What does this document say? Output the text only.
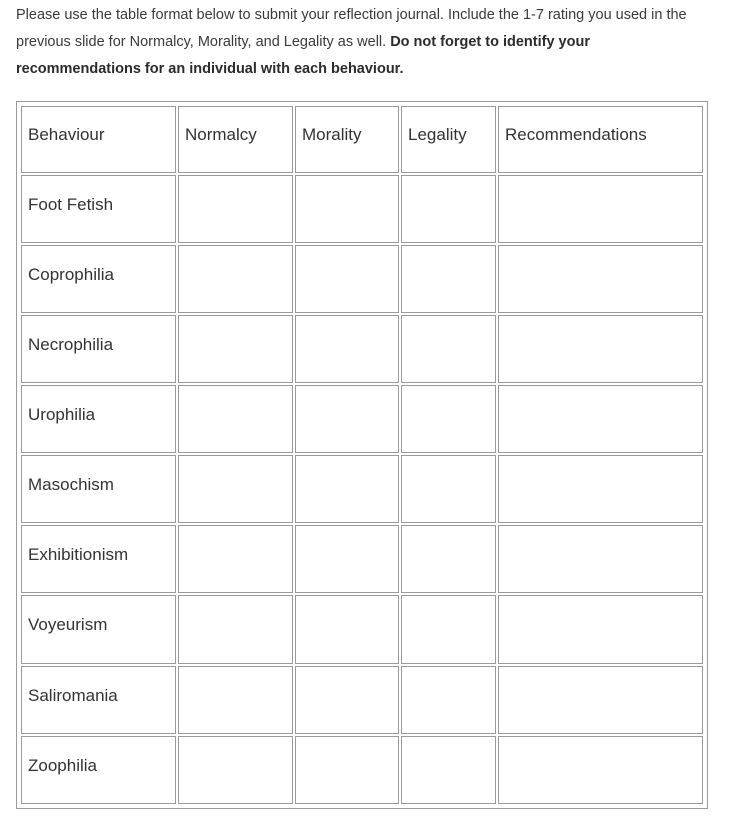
Please use the table format below to submit your reflection journal. Include the 1-7 rating you used in the previous slide for Normalcy, Morality, and Legality as well. Do not forget to identify your recommendations for an individual with each behaviour.

Behaviour	Normalcy	Morality	Legality	Recommendations
Foot Fetish				
Coprophilia				
Necrophilia				
Urophilia				
Masochism				
Exhibitionism				
Voyeurism				
Saliromania				
Zoophilia				
